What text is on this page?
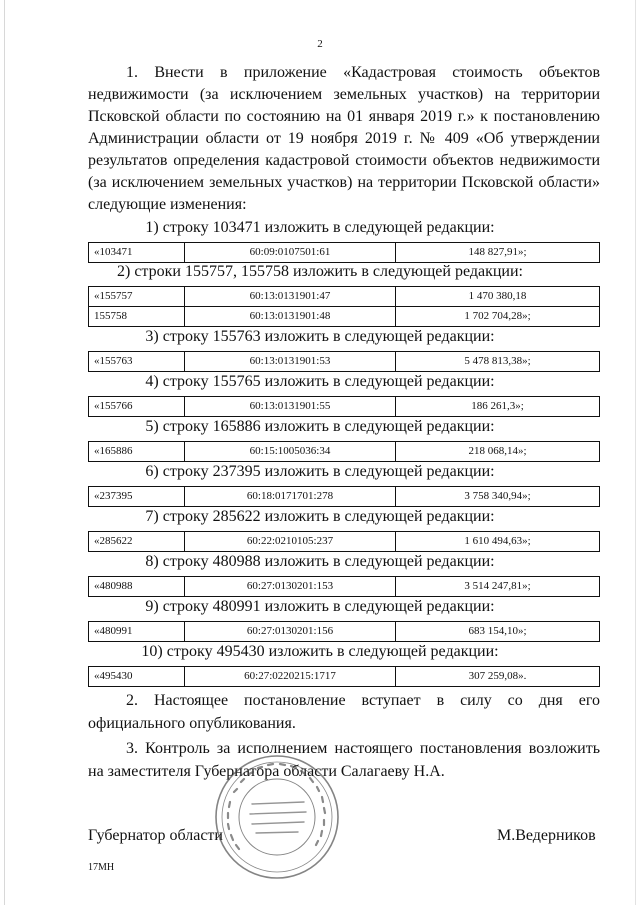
2

1. Внести в приложение «Кадастровая стоимость объектов недвижимости (за исключением земельных участков) на территории Псковской области по состоянию на 01 января 2019 г.» к постановлению Администрации области от 19 ноября 2019 г. № 409 «Об утверждении результатов определения кадастровой стоимости объектов недвижимости (за исключением земельных участков) на территории Псковской области» следующие изменения:

1) строку 103471 изложить в следующей редакции:
«103471	60:09:0107501:61	148 827,91»;
2) строки 155757, 155758 изложить в следующей редакции:
«155757	60:13:0131901:47	1 470 380,18
155758	60:13:0131901:48	1 702 704,28»;
3) строку 155763 изложить в следующей редакции:
«155763	60:13:0131901:53	5 478 813,38»;
4) строку 155765 изложить в следующей редакции:
«155766	60:13:0131901:55	186 261,3»;
5) строку 165886 изложить в следующей редакции:
«165886	60:15:1005036:34	218 068,14»;
6) строку 237395 изложить в следующей редакции:
«237395	60:18:0171701:278	3 758 340,94»;
7) строку 285622 изложить в следующей редакции:
«285622	60:22:0210105:237	1 610 494,63»;
8) строку 480988 изложить в следующей редакции:
«480988	60:27:0130201:153	3 514 247,81»;
9) строку 480991 изложить в следующей редакции:
«480991	60:27:0130201:156	683 154,10»;
10) строку 495430 изложить в следующей редакции:
«495430	60:27:0220215:1717	307 259,08».

2. Настоящее постановление вступает в силу со дня его официального опубликования.

3. Контроль за исполнением настоящего постановления возложить на заместителя Губернатора области Салагаеву Н.А.

Губернатор области	М.Ведерников
17МН
